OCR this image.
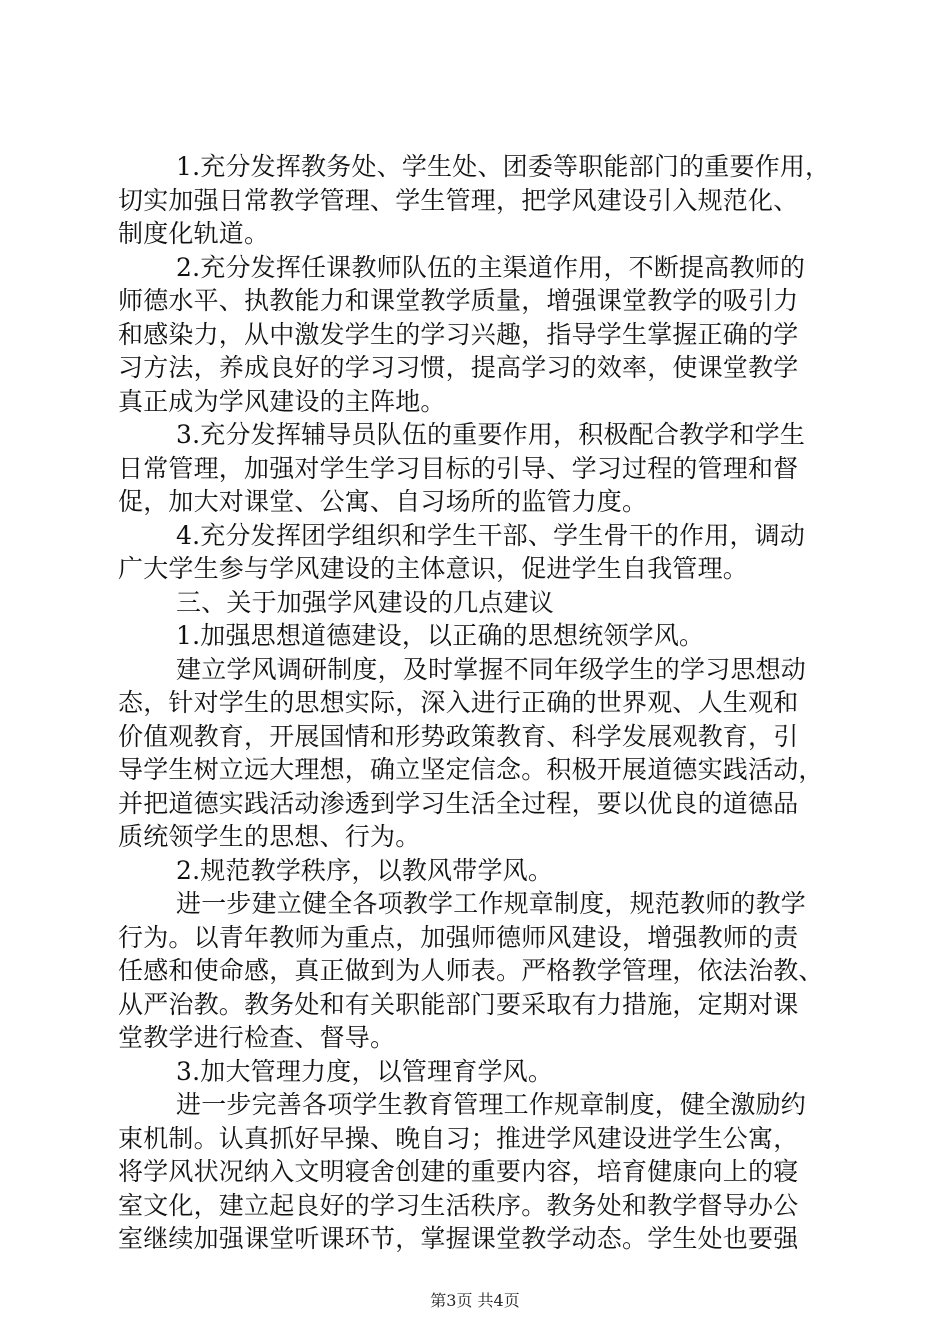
1.充分发挥教务处、学生处、团委等职能部门的重要作用，
切实加强日常教学管理、学生管理，把学风建设引入规范化、
制度化轨道。
2.充分发挥任课教师队伍的主渠道作用，不断提高教师的
师德水平、执教能力和课堂教学质量，增强课堂教学的吸引力
和感染力，从中激发学生的学习兴趣，指导学生掌握正确的学
习方法，养成良好的学习习惯，提高学习的效率，使课堂教学
真正成为学风建设的主阵地。
3.充分发挥辅导员队伍的重要作用，积极配合教学和学生
日常管理，加强对学生学习目标的引导、学习过程的管理和督
促，加大对课堂、公寓、自习场所的监管力度。
4.充分发挥团学组织和学生干部、学生骨干的作用，调动
广大学生参与学风建设的主体意识，促进学生自我管理。
三、关于加强学风建设的几点建议
1.加强思想道德建设，以正确的思想统领学风。
建立学风调研制度，及时掌握不同年级学生的学习思想动
态，针对学生的思想实际，深入进行正确的世界观、人生观和
价值观教育，开展国情和形势政策教育、科学发展观教育，引
导学生树立远大理想，确立坚定信念。积极开展道德实践活动，
并把道德实践活动渗透到学习生活全过程，要以优良的道德品
质统领学生的思想、行为。
2.规范教学秩序，以教风带学风。
进一步建立健全各项教学工作规章制度，规范教师的教学
行为。以青年教师为重点，加强师德师风建设，增强教师的责
任感和使命感，真正做到为人师表。严格教学管理，依法治教、
从严治教。教务处和有关职能部门要采取有力措施，定期对课
堂教学进行检查、督导。
3.加大管理力度，以管理育学风。
进一步完善各项学生教育管理工作规章制度，健全激励约
束机制。认真抓好早操、晚自习；推进学风建设进学生公寓，
将学风状况纳入文明寝舍创建的重要内容，培育健康向上的寝
室文化，建立起良好的学习生活秩序。教务处和教学督导办公
室继续加强课堂听课环节，掌握课堂教学动态。学生处也要强
第3页 共4页
